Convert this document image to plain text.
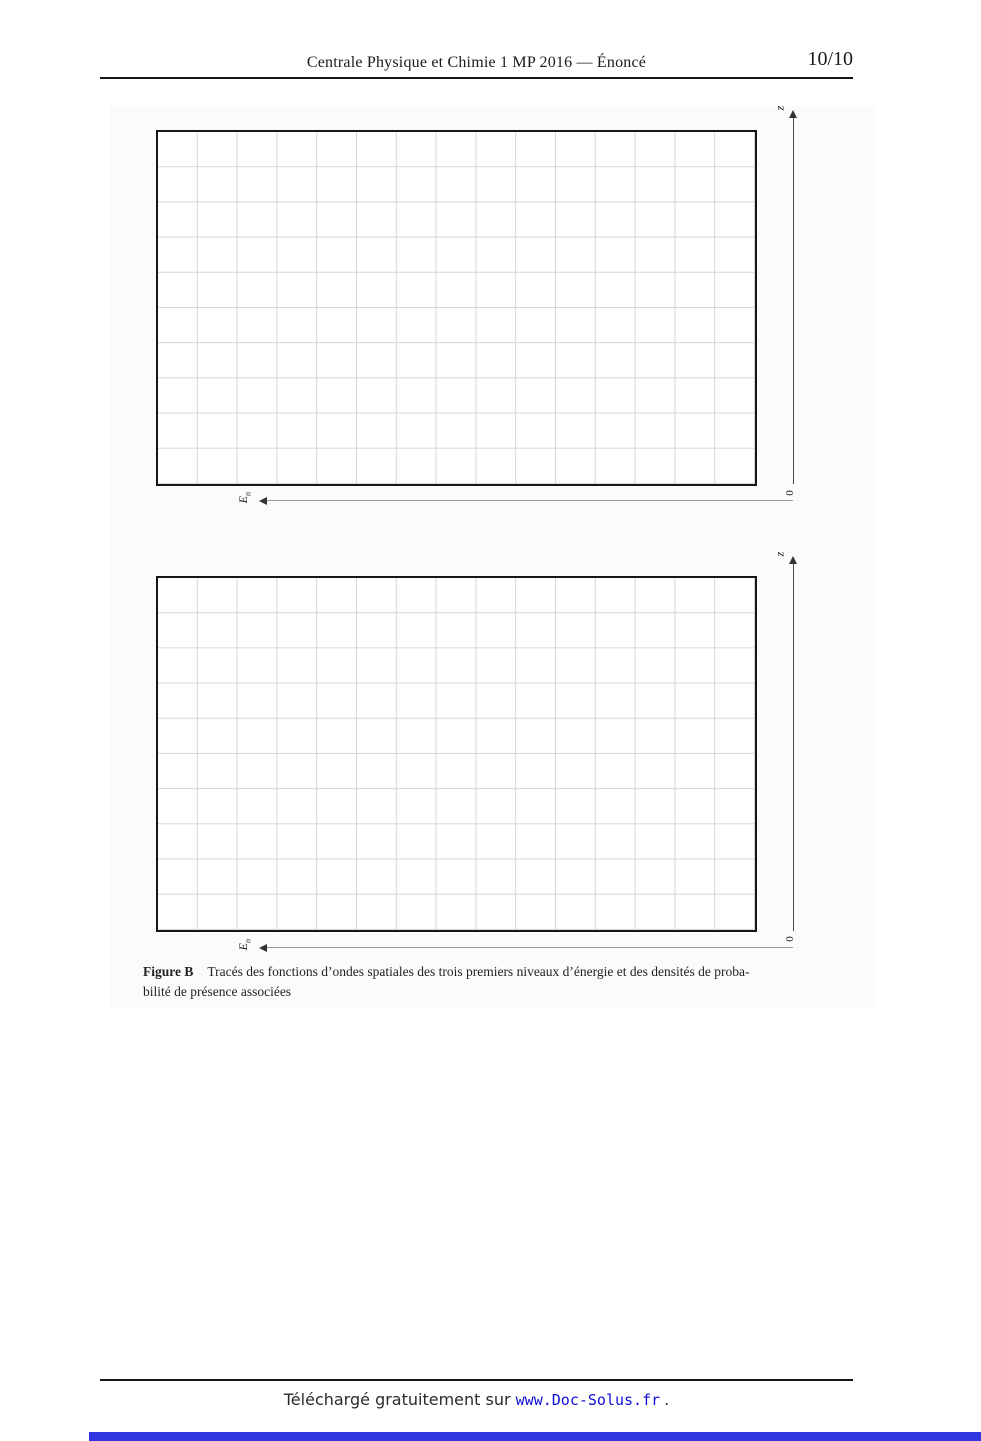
Centrale Physique et Chimie 1 MP 2016 — Énoncé	10/10
z
0
$E_n$
z
0
$E_n$
Figure B Tracés des fonctions d’ondes spatiales des trois premiers niveaux d’énergie et des densités de proba-
bilité de présence associées
Téléchargé gratuitement sur www.Doc-Solus.fr .
